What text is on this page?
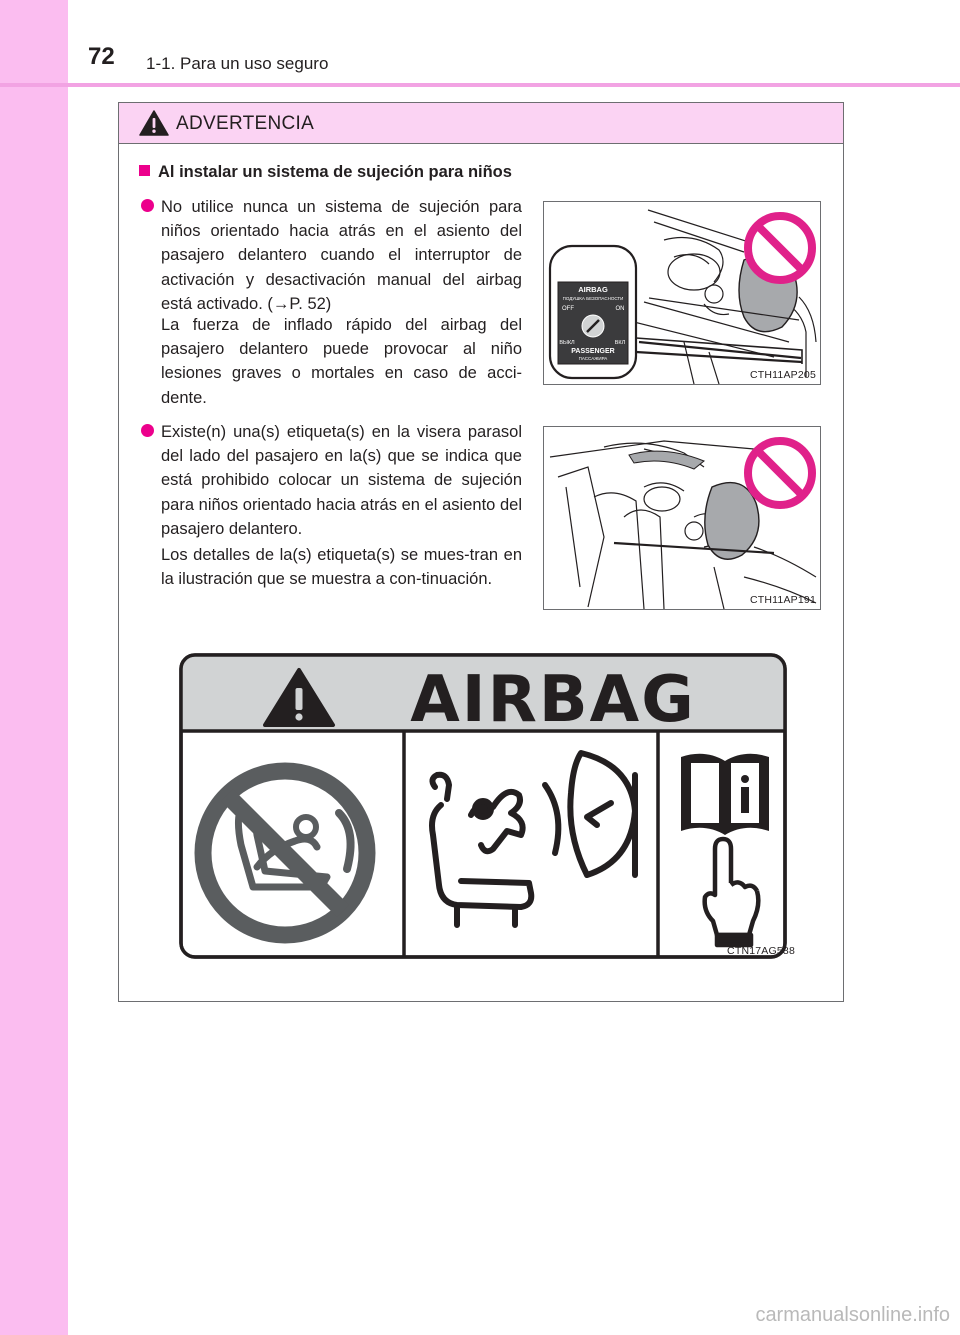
72 1-1. Para un uso seguro
ADVERTENCIA
Al instalar un sistema de sujeción para niños
No utilice nunca un sistema de sujeción para niños orientado hacia atrás en el asiento del pasajero delantero cuando el interruptor de activación y desactivación manual del airbag está activado. (→P. 52)
La fuerza de inflado rápido del airbag del pasajero delantero puede provocar al niño lesiones graves o mortales en caso de acci-dente.
Existe(n) una(s) etiqueta(s) en la visera parasol del lado del pasajero en la(s) que se indica que está prohibido colocar un sistema de sujeción para niños orientado hacia atrás en el asiento del pasajero delantero.
Los detalles de la(s) etiqueta(s) se mues-tran en la ilustración que se muestra a con-tinuación.
AIRBAG
ПОДУШКА БЕЗОПАСНОСТИ
OFF	ON
ВЫКЛ	ВКЛ
PASSENGER
ПАССАЖИРА
CTH11AP205
CTH11AP191
AIRBAG
CTN17AG588
carmanualsonline.info
